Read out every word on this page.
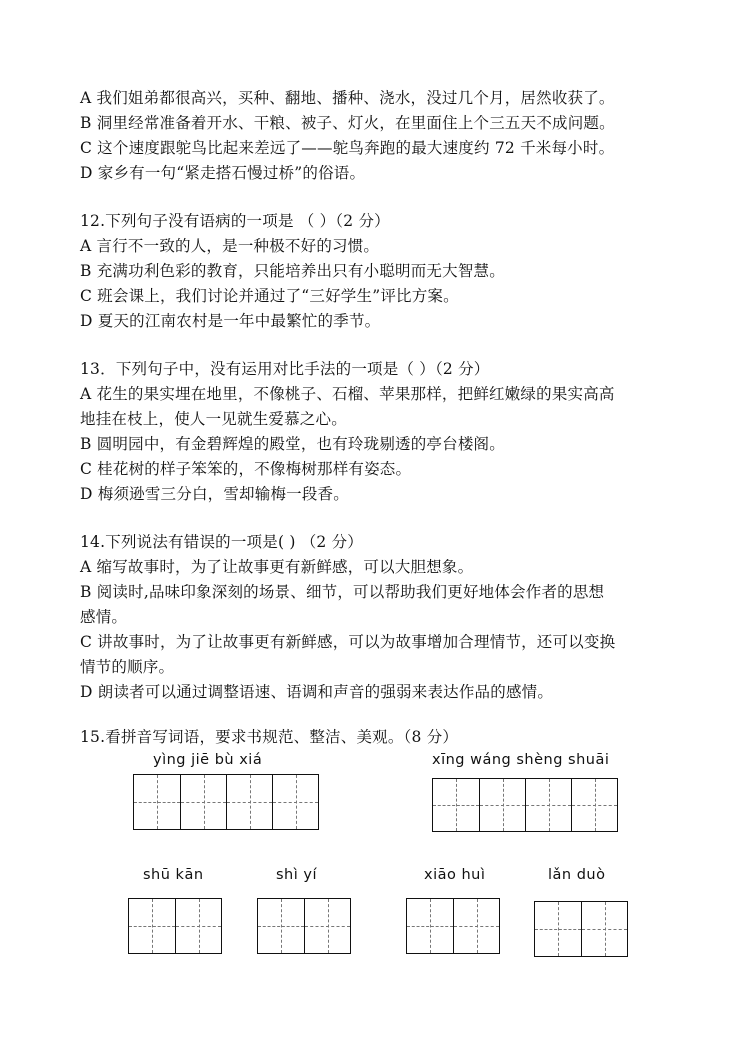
A 我们姐弟都很高兴，买种、翻地、播种、浇水，没过几个月，居然收获了。
B 洞里经常准备着开水、干粮、被子、灯火，在里面住上个三五天不成问题。
C 这个速度跟鸵鸟比起来差远了——鸵鸟奔跑的最大速度约 72 千米每小时。
D 家乡有一句“紧走搭石慢过桥”的俗语。
12.下列句子没有语病的一项是 （ ）（2 分）
A 言行不一致的人，是一种极不好的习惯。
B 充满功利色彩的教育，只能培养出只有小聪明而无大智慧。
C 班会课上，我们讨论并通过了“三好学生”评比方案。
D 夏天的江南农村是一年中最繁忙的季节。
13．下列句子中，没有运用对比手法的一项是（ ）（2 分）
A 花生的果实埋在地里，不像桃子、石榴、苹果那样，把鲜红嫩绿的果实高高
地挂在枝上，使人一见就生爱慕之心。
B 圆明园中，有金碧辉煌的殿堂，也有玲珑剔透的亭台楼阁。
C 桂花树的样子笨笨的，不像梅树那样有姿态。
D 梅须逊雪三分白，雪却输梅一段香。
14.下列说法有错误的一项是( ) （2 分）
A 缩写故事时，为了让故事更有新鲜感，可以大胆想象。
B 阅读时,品味印象深刻的场景、细节，可以帮助我们更好地体会作者的思想
感情。
C 讲故事时，为了让故事更有新鲜感，可以为故事增加合理情节，还可以变换
情节的顺序。
D 朗读者可以通过调整语速、语调和声音的强弱来表达作品的感情。
15.看拼音写词语，要求书规范、整洁、美观。（8 分）
yìng jiē bù xiá	xīng wáng shèng shuāi
shū kān	shì yí	xiāo huì	lǎn duò
